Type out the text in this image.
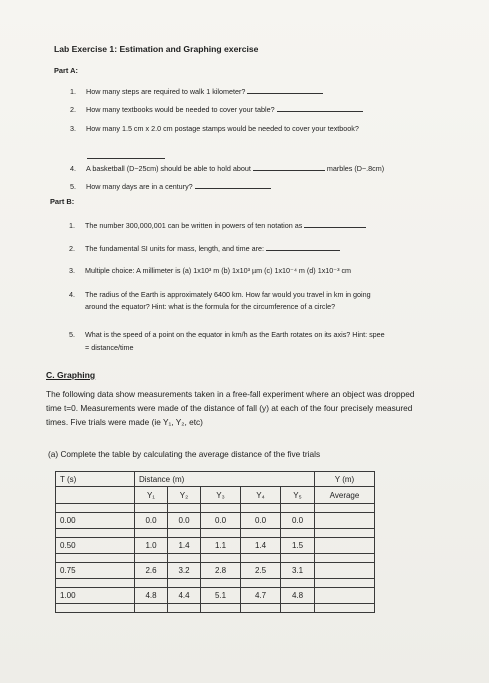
Lab Exercise 1: Estimation and Graphing exercise
Part A:
1. How many steps are required to walk 1 kilometer?
2. How many textbooks would be needed to cover your table?
3. How many 1.5 cm x 2.0 cm postage stamps would be needed to cover your textbook?
4. A basketball (D~25cm) should be able to hold about	marbles (D~.8cm)
5. How many days are in a century?
Part B:
1. The number 300,000,001 can be written in powers of ten notation as
2. The fundamental SI units for mass, length, and time are:
3. Multiple choice: A millimeter is (a) 1x10³ m (b) 1x10³ µm (c) 1x10⁻⁴ m (d) 1x10⁻³ cm
4. The radius of the Earth is approximately 6400 km. How far would you travel in km in going
around the equator? Hint: what is the formula for the circumference of a circle?
5. What is the speed of a point on the equator in km/h as the Earth rotates on its axis? Hint: spee
= distance/time
C. Graphing
The following data show measurements taken in a free-fall experiment where an object was dropped
time t=0. Measurements were made of the distance of fall (y) at each of the four precisely measured
times. Five trials were made (ie Y₁, Y₂, etc)
(a) Complete the table by calculating the average distance of the five trials
T (s)	Distance (m)					Y (m)
	Y₁	Y₂	Y₃	Y₄	Y₅	Average

0.00	0.0	0.0	0.0	0.0	0.0	

0.50	1.0	1.4	1.1	1.4	1.5	

0.75	2.6	3.2	2.8	2.5	3.1	

1.00	4.8	4.4	5.1	4.7	4.8	
